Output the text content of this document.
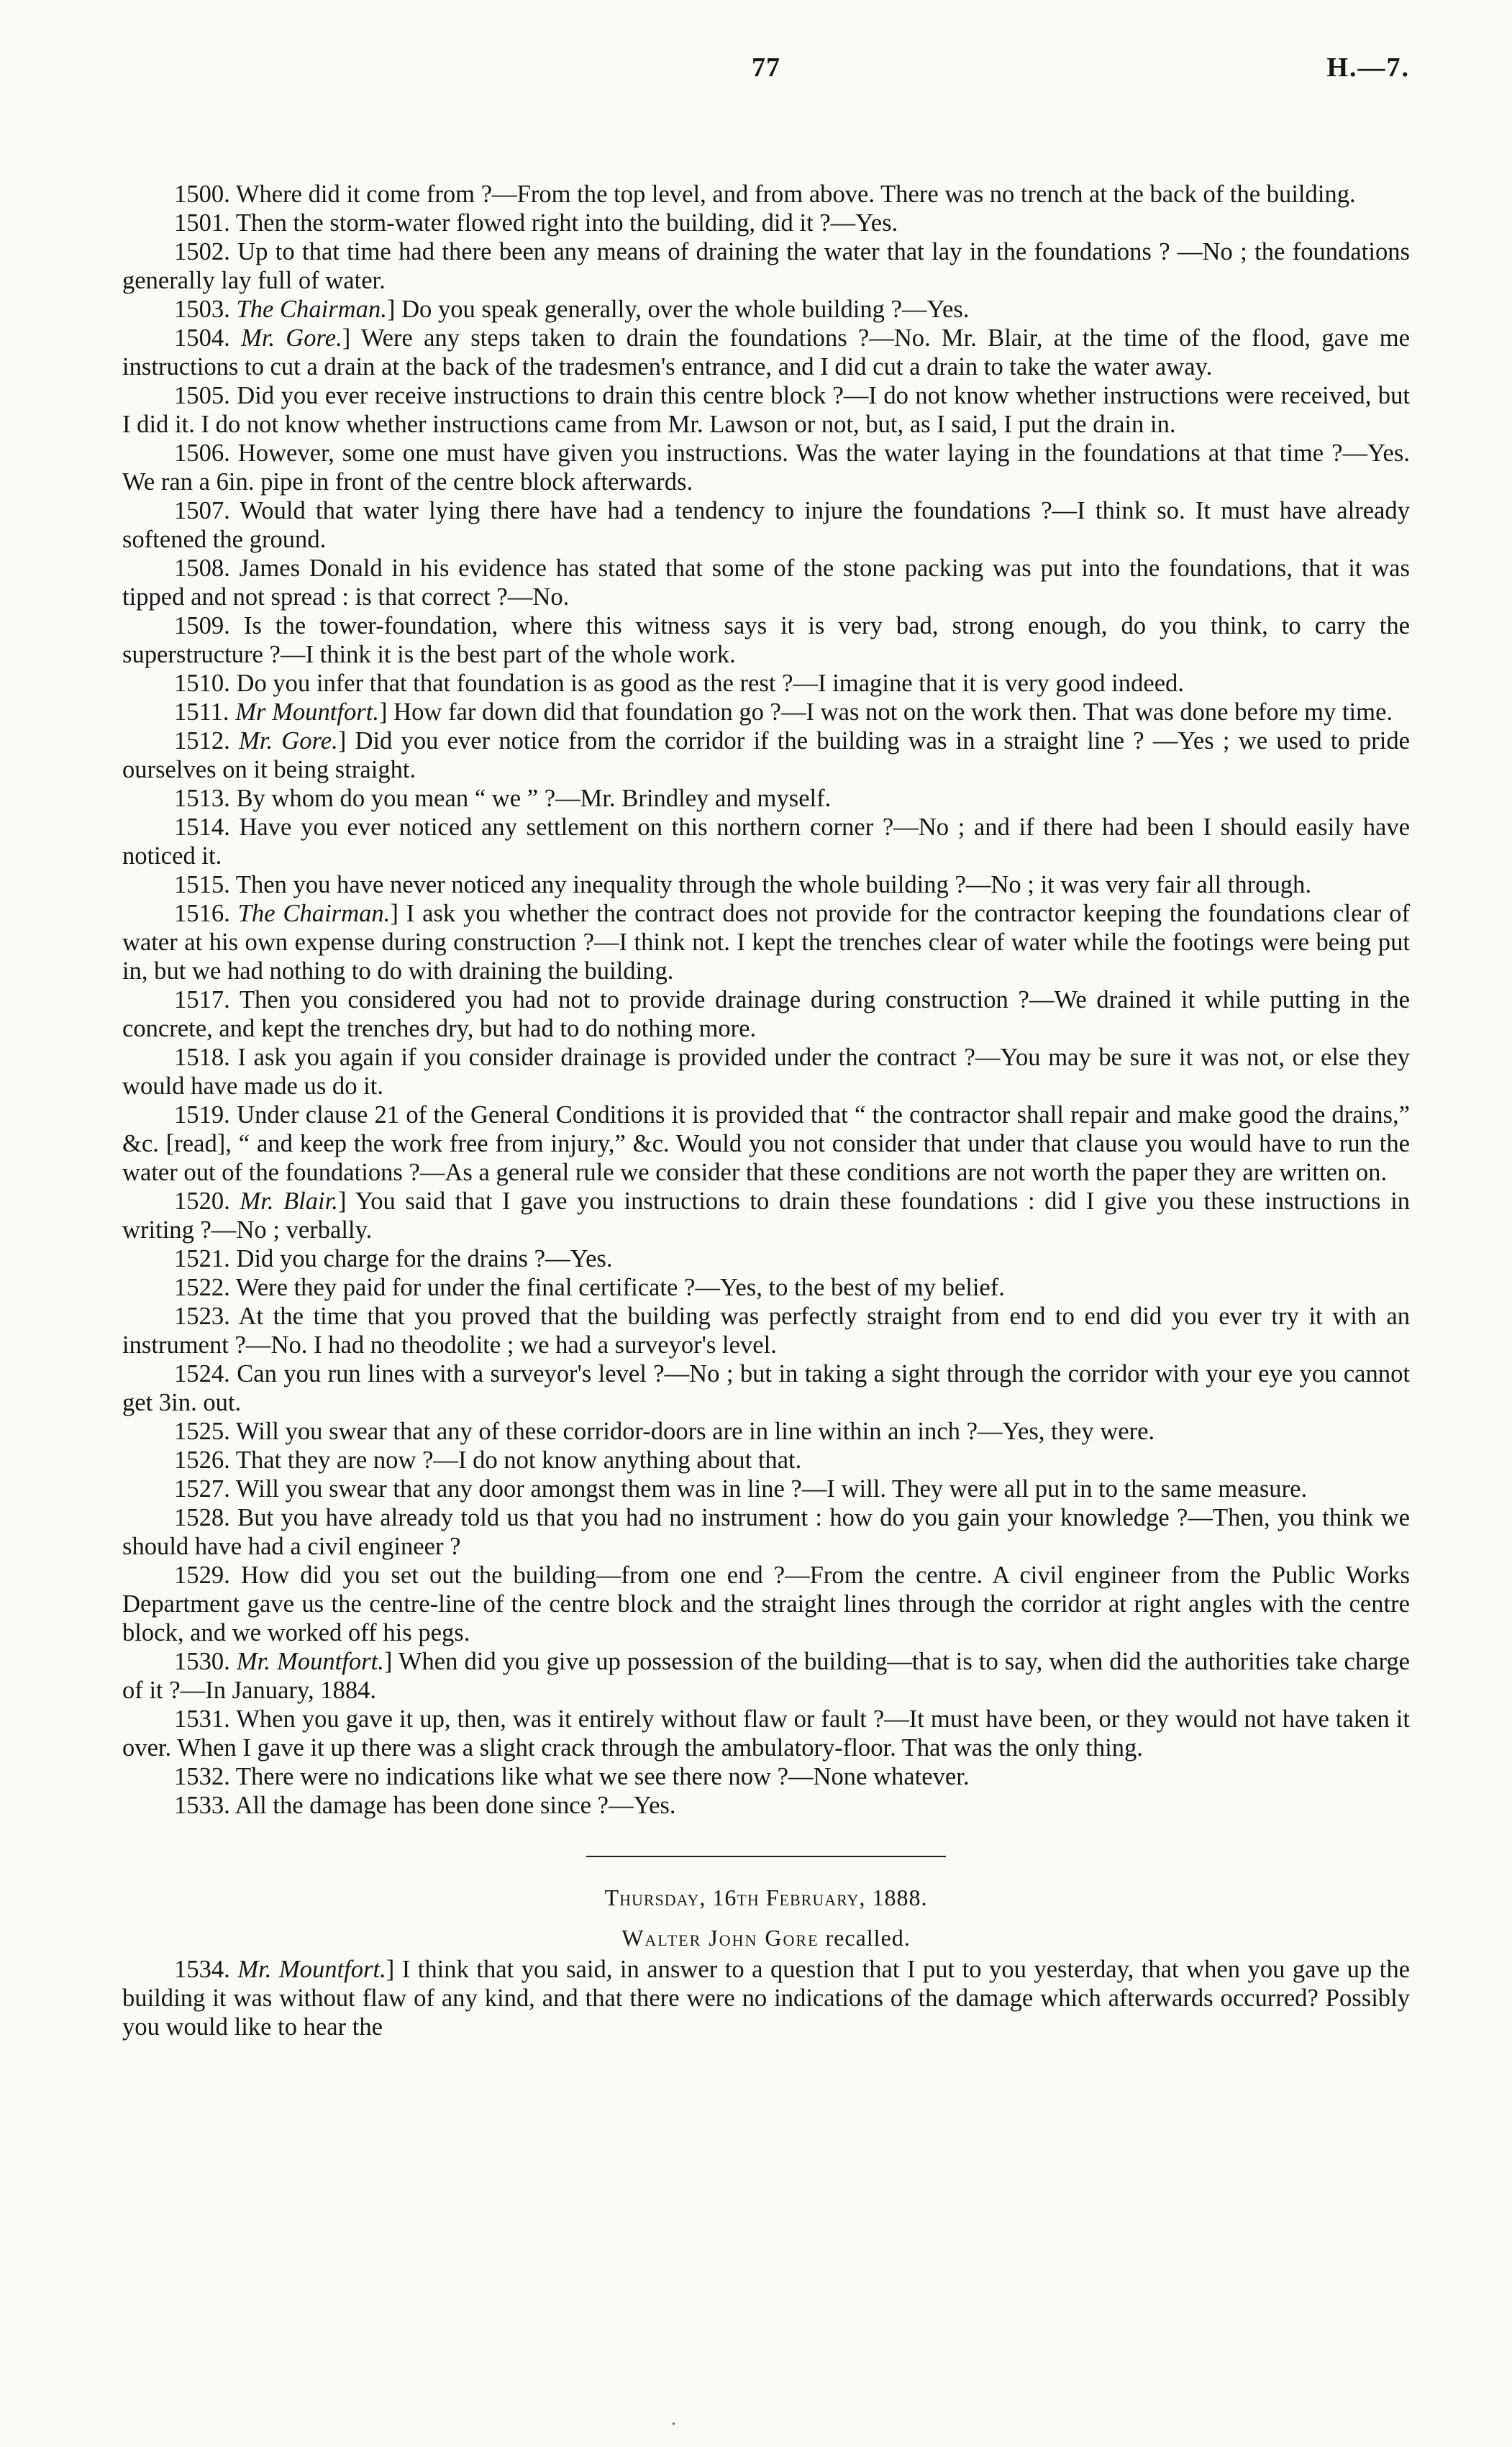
77	H.—7.

1500. Where did it come from ?—From the top level, and from above. There was no trench at the back of the building.

1501. Then the storm-water flowed right into the building, did it ?—Yes.

1502. Up to that time had there been any means of draining the water that lay in the foundations ? —No ; the foundations generally lay full of water.

1503. The Chairman.] Do you speak generally, over the whole building ?—Yes.

1504. Mr. Gore.] Were any steps taken to drain the foundations ?—No. Mr. Blair, at the time of the flood, gave me instructions to cut a drain at the back of the tradesmen's entrance, and I did cut a drain to take the water away.

1505. Did you ever receive instructions to drain this centre block ?—I do not know whether instructions were received, but I did it. I do not know whether instructions came from Mr. Lawson or not, but, as I said, I put the drain in.

1506. However, some one must have given you instructions. Was the water laying in the foundations at that time ?—Yes. We ran a 6in. pipe in front of the centre block afterwards.

1507. Would that water lying there have had a tendency to injure the foundations ?—I think so. It must have already softened the ground.

1508. James Donald in his evidence has stated that some of the stone packing was put into the foundations, that it was tipped and not spread : is that correct ?—No.

1509. Is the tower-foundation, where this witness says it is very bad, strong enough, do you think, to carry the superstructure ?—I think it is the best part of the whole work.

1510. Do you infer that that foundation is as good as the rest ?—I imagine that it is very good indeed.

1511. Mr Mountfort.] How far down did that foundation go ?—I was not on the work then. That was done before my time.

1512. Mr. Gore.] Did you ever notice from the corridor if the building was in a straight line ? —Yes ; we used to pride ourselves on it being straight.

1513. By whom do you mean “ we ” ?—Mr. Brindley and myself.

1514. Have you ever noticed any settlement on this northern corner ?—No ; and if there had been I should easily have noticed it.

1515. Then you have never noticed any inequality through the whole building ?—No ; it was very fair all through.

1516. The Chairman.] I ask you whether the contract does not provide for the contractor keeping the foundations clear of water at his own expense during construction ?—I think not. I kept the trenches clear of water while the footings were being put in, but we had nothing to do with draining the building.

1517. Then you considered you had not to provide drainage during construction ?—We drained it while putting in the concrete, and kept the trenches dry, but had to do nothing more.

1518. I ask you again if you consider drainage is provided under the contract ?—You may be sure it was not, or else they would have made us do it.

1519. Under clause 21 of the General Conditions it is provided that “ the contractor shall repair and make good the drains,” &c. [read], “ and keep the work free from injury,” &c. Would you not consider that under that clause you would have to run the water out of the foundations ?—As a general rule we consider that these conditions are not worth the paper they are written on.

1520. Mr. Blair.] You said that I gave you instructions to drain these foundations : did I give you these instructions in writing ?—No ; verbally.

1521. Did you charge for the drains ?—Yes.

1522. Were they paid for under the final certificate ?—Yes, to the best of my belief.

1523. At the time that you proved that the building was perfectly straight from end to end did you ever try it with an instrument ?—No. I had no theodolite ; we had a surveyor's level.

1524. Can you run lines with a surveyor's level ?—No ; but in taking a sight through the corridor with your eye you cannot get 3in. out.

1525. Will you swear that any of these corridor-doors are in line within an inch ?—Yes, they were.

1526. That they are now ?—I do not know anything about that.

1527. Will you swear that any door amongst them was in line ?—I will. They were all put in to the same measure.

1528. But you have already told us that you had no instrument : how do you gain your knowledge ?—Then, you think we should have had a civil engineer ?

1529. How did you set out the building—from one end ?—From the centre. A civil engineer from the Public Works Department gave us the centre-line of the centre block and the straight lines through the corridor at right angles with the centre block, and we worked off his pegs.

1530. Mr. Mountfort.] When did you give up possession of the building—that is to say, when did the authorities take charge of it ?—In January, 1884.

1531. When you gave it up, then, was it entirely without flaw or fault ?—It must have been, or they would not have taken it over. When I gave it up there was a slight crack through the ambulatory-floor. That was the only thing.

1532. There were no indications like what we see there now ?—None whatever.

1533. All the damage has been done since ?—Yes.

Thursday, 16th February, 1888.

Walter John Gore recalled.

1534. Mr. Mountfort.] I think that you said, in answer to a question that I put to you yesterday, that when you gave up the building it was without flaw of any kind, and that there were no indications of the damage which afterwards occurred? Possibly you would like to hear the
